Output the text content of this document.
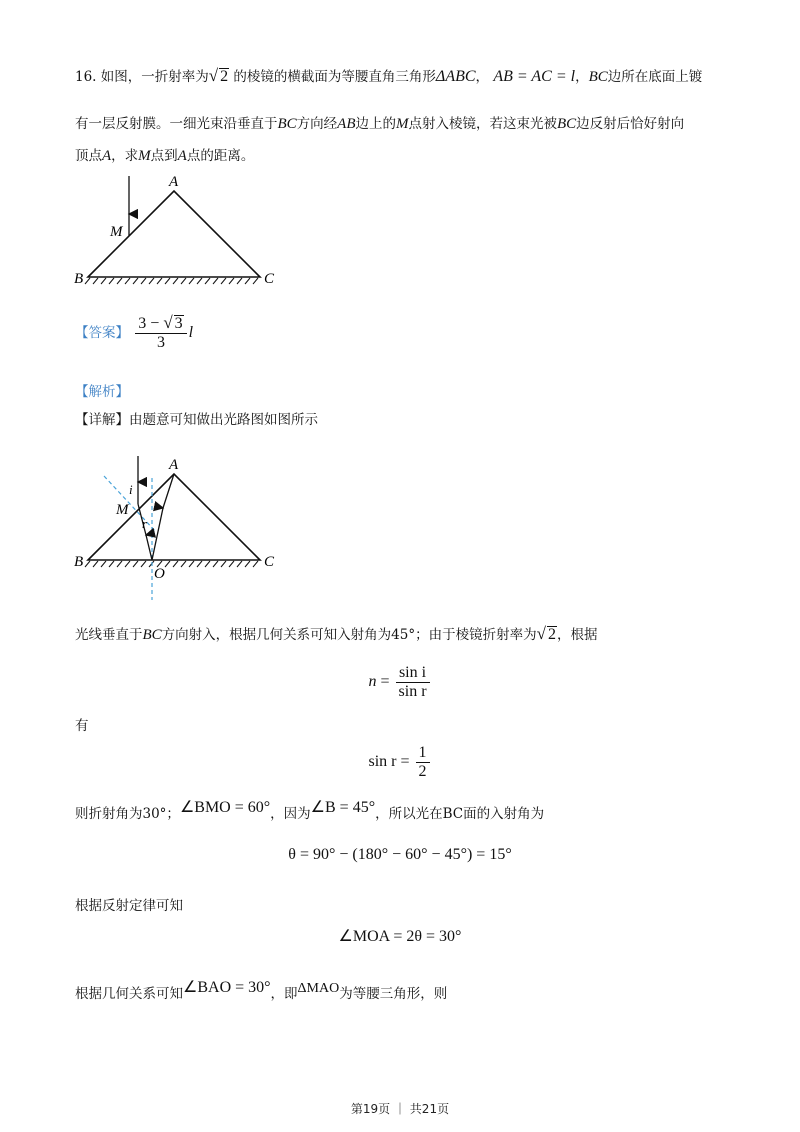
16. 如图，一折射率为√ 2 的棱镜的横截面为等腰直角三角形ΔABC， AB = AC = l，BC边所在底面上镀
有一层反射膜。一细光束沿垂直于BC方向经AB边上的M点射入棱镜，若这束光被BC边反射后恰好射向
顶点A，求M点到A点的距离。
A
M
B	C
【答案】 $\frac{3 - √ 3}{3}$ l
【解析】
【详解】由题意可知做出光路图如图所示
A
M
i
r
B	C
O
光线垂直于BC方向射入，根据几何关系可知入射角为45°；由于棱镜折射率为√ 2，根据
$n = \frac{\text{sin i}}{\text{sin r}}$
有
$\sin r = \frac{1}{2}$
则折射角为30°；∠BMO = 60°，因为∠B = 45°，所以光在BC面的入射角为
θ = 90° − (180° − 60° − 45°) = 15°
根据反射定律可知
∠MOA = 2θ = 30°
根据几何关系可知∠BAO = 30°，即ΔMAO为等腰三角形，则
第19页 ｜ 共21页
